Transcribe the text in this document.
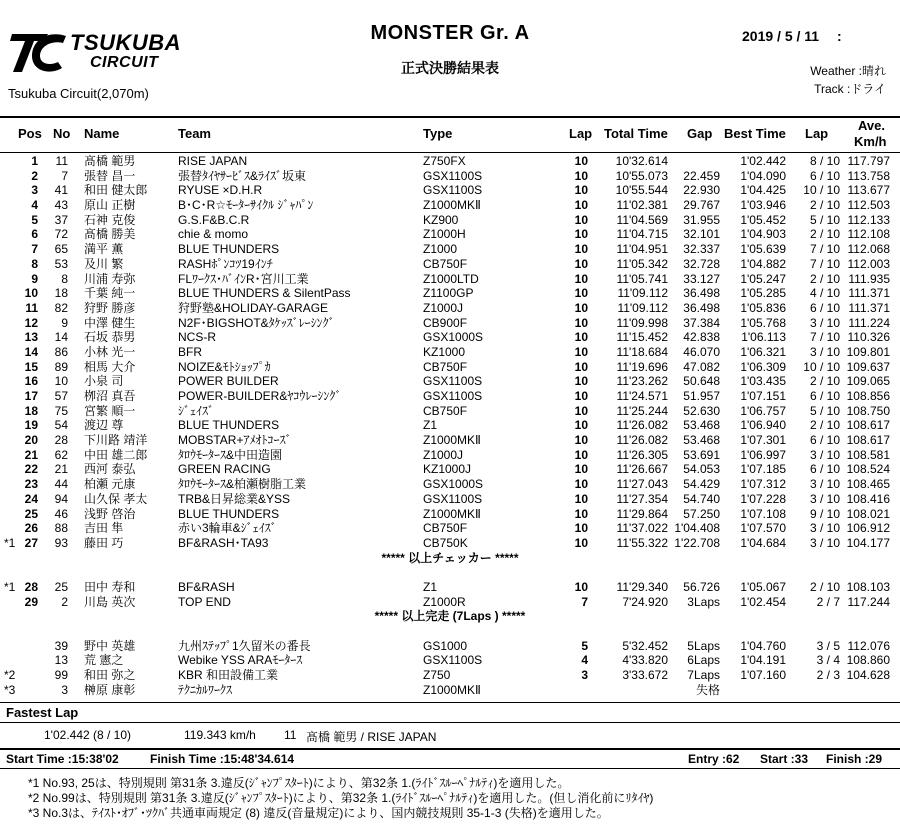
TSUKUBA
CIRCUIT
Tsukuba Circuit(2,070m)
MONSTER Gr. A
正式決勝結果表
2019 / 5 / 11　 :
Weather :晴れ
Track :ドライ
Pos No Name	Team	Type	Lap Total Time Gap Best Time Lap
Ave.
Km/h
1	11 髙橋 範男	RISE JAPAN	Z750FX	10	10'32.614	1'02.442	8 / 10 117.797
2	7 張替 昌一	張替ﾀｲﾔｻｰﾋﾞｽ&ﾗｲｽﾞ坂東	GSX1100S	10	10'55.073	22.459	1'04.090	6 / 10 113.758
3	41 和田 健太郎	RYUSE ×D.H.R	GSX1100S	10	10'55.544	22.930	1'04.425	10 / 10 113.677
4	43 原山 正樹	B･C･R☆ﾓｰﾀｰｻｲｸﾙ ｼﾞｬﾊﾟﾝ	Z1000MKⅡ	10	11'02.381	29.767	1'03.946	2 / 10 112.503
5	37 石神 克俊	G.S.F&B.C.R	KZ900	10	11'04.569	31.955	1'05.452	5 / 10 112.133
6	72 髙橋 勝美	chie & momo	Z1000H	10	11'04.715	32.101	1'04.903	2 / 10 112.108
7	65 満平 薫	BLUE THUNDERS	Z1000	10	11'04.951	32.337	1'05.639	7 / 10 112.068
8	53 及川 繁	RASHﾎﾟﾝｺﾂ19ｲﾝﾁ	CB750F	10	11'05.342	32.728	1'04.882	7 / 10 112.003
9	8 川浦 寿弥	FLﾜｰｸｽ･ﾊﾞｲﾝR･宮川工業	Z1000LTD	10	11'05.741	33.127	1'05.247	2 / 10 111.935
10	18 千葉 純一	BLUE THUNDERS & SilentPass	Z1100GP	10	11'09.112	36.498	1'05.285	4 / 10 111.371
11	82 狩野 勝彦	狩野塾&HOLIDAY-GARAGE	Z1000J	10	11'09.112	36.498	1'05.836	6 / 10 111.371
12	9 中澤 健生	N2F･BIGSHOT&ﾀｹｯｽﾞﾚｰｼﾝｸﾞ	CB900F	10	11'09.998	37.384	1'05.768	3 / 10 111.224
13	14 石坂 恭男	NCS-R	GSX1000S	10	11'15.452	42.838	1'06.113	7 / 10 110.326
14	86 小林 光一	BFR	KZ1000	10	11'18.684	46.070	1'06.321	3 / 10 109.801
15	89 相馬 大介	NOIZE&ﾓﾄｼｮｯﾌﾟｶ	CB750F	10	11'19.696	47.082	1'06.309	10 / 10 109.637
16	10 小泉 司	POWER BUILDER	GSX1100S	10	11'23.262	50.648	1'03.435	2 / 10 109.065
17	57 栁沼 真吾	POWER-BUILDER&ﾔｺｳﾚｰｼﾝｸﾞ	GSX1100S	10	11'24.571	51.957	1'07.151	6 / 10 108.856
18	75 宮繁 順一	ｼﾞｪｲｽﾞ	CB750F	10	11'25.244	52.630	1'06.757	5 / 10 108.750
19	54 渡辺 尊	BLUE THUNDERS	Z1	10	11'26.082	53.468	1'06.940	2 / 10 108.617
20	28 下川路 靖洋	MOBSTAR+ｱﾒｵﾄｺｰｽﾞ	Z1000MKⅡ	10	11'26.082	53.468	1'07.301	6 / 10 108.617
21	62 中田 雄二郎	ﾀﾛｳﾓｰﾀｰｽ&中田造園	Z1000J	10	11'26.305	53.691	1'06.997	3 / 10 108.581
22	21 西河 泰弘	GREEN RACING	KZ1000J	10	11'26.667	54.053	1'07.185	6 / 10 108.524
23	44 柏瀬 元康	ﾀﾛｳﾓｰﾀｰｽ&柏瀬樹脂工業	GSX1000S	10	11'27.043	54.429	1'07.312	3 / 10 108.465
24	94 山久保 孝太	TRB&日昇総業&YSS	GSX1100S	10	11'27.354	54.740	1'07.228	3 / 10 108.416
25	46 浅野 啓治	BLUE THUNDERS	Z1000MKⅡ	10	11'29.864	57.250	1'07.108	9 / 10 108.021
26	88 吉田 隼	赤い3輪車&ｼﾞｪｲｽﾞ	CB750F	10	11'37.022 1'04.408	1'07.570	3 / 10 106.912
*1 27	93 藤田 巧	BF&RASH･TA93	CB750K	10	11'55.322 1'22.708	1'04.684	3 / 10 104.177
***** 以上チェッカー *****
*1 28	25 田中 寿和	BF&RASH	Z1	10	11'29.340	56.726	1'05.067	2 / 10 108.103
29	2 川島 英次	TOP END	Z1000R	7	7'24.920	3Laps	1'02.454	2 / 7 117.244
***** 以上完走 (7Laps ) *****
39 野中 英雄	九州ｽﾃｯﾌﾟ1久留米の番長	GS1000	5	5'32.452	5Laps	1'04.760	3 / 5 112.076
13 荒 憲之	Webike YSS ARAﾓｰﾀｰｽ	GSX1100S	4	4'33.820	6Laps	1'04.191	3 / 4 108.860
*2	99 和田 弥之	KBR 和田設備工業	Z750	3	3'33.672	7Laps	1'07.160	2 / 3 104.628
*3	3 榊原 康彰	ﾃｸﾆｶﾙﾜｰｸｽ	Z1000MKⅡ	失格
Fastest Lap
1'02.442 (8 / 10)	119.343 km/h 11 髙橋 範男 / RISE JAPAN
Start Time :15:38'02	Finish Time :15:48'34.614	Entry :62 Start :33 Finish :29
*1 No.93, 25は、特別規則 第31条 3.違反(ｼﾞｬﾝﾌﾟｽﾀｰﾄ)により、第32条 1.(ﾗｲﾄﾞｽﾙｰﾍﾟﾅﾙﾃｨ)を適用した。
*2 No.99は、特別規則 第31条 3.違反(ｼﾞｬﾝﾌﾟｽﾀｰﾄ)により、第32条 1.(ﾗｲﾄﾞｽﾙｰﾍﾟﾅﾙﾃｨ)を適用した。(但し消化前にﾘﾀｲﾔ)
*3 No.3は、ﾃｲｽﾄ･ｵﾌﾞ･ﾂｸﾊﾞ共通車両規定 (8) 違反(音量規定)により、国内競技規則 35-1-3 (失格)を適用した。
